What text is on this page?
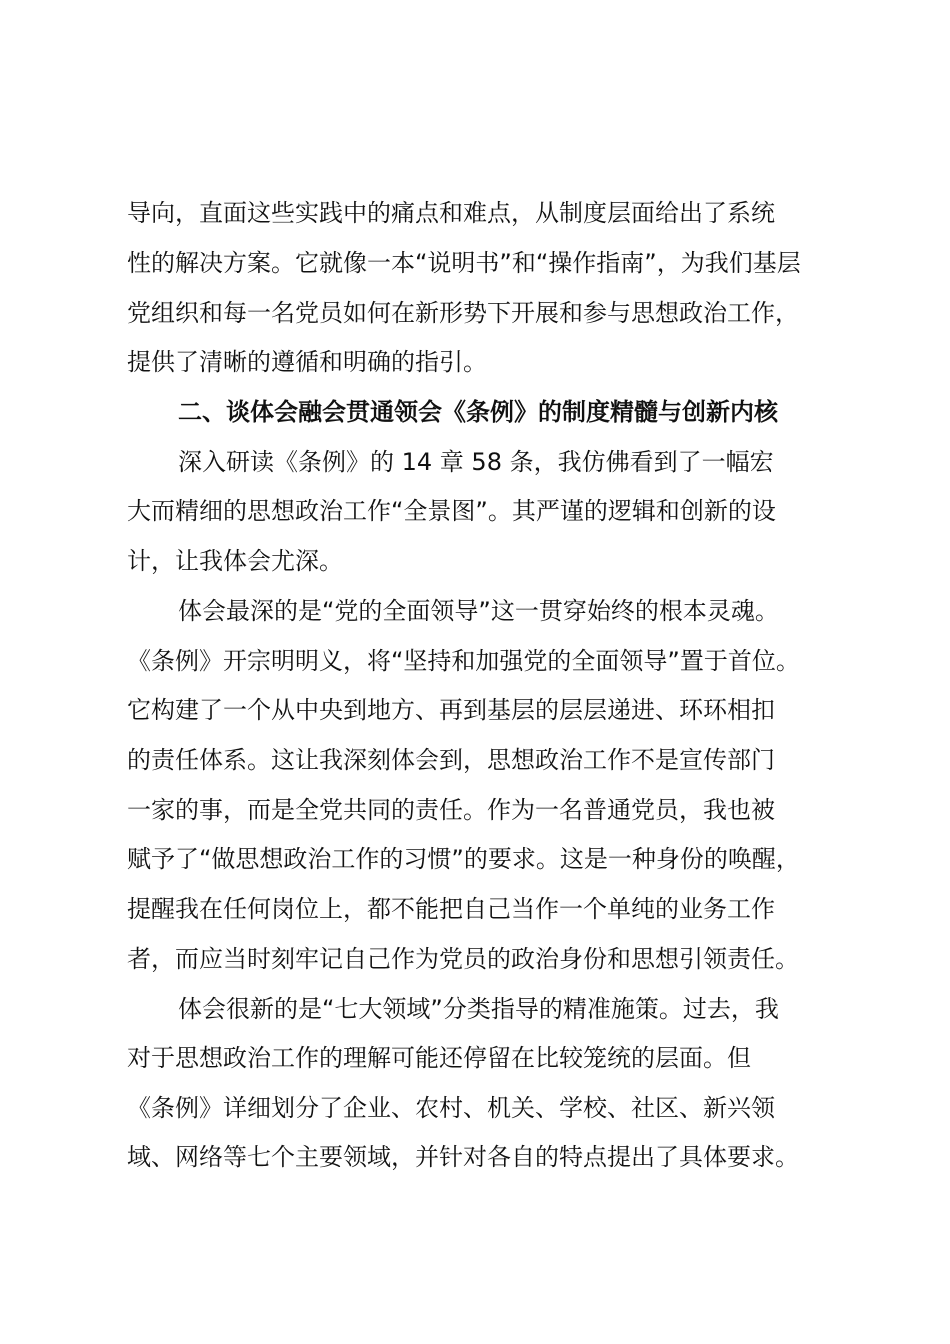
导向，直面这些实践中的痛点和难点，从制度层面给出了系统
性的解决方案。它就像一本“说明书”和“操作指南”，为我们基层
党组织和每一名党员如何在新形势下开展和参与思想政治工作，
提供了清晰的遵循和明确的指引。
二、谈体会融会贯通领会《条例》的制度精髓与创新内核
深入研读《条例》的 14 章 58 条，我仿佛看到了一幅宏
大而精细的思想政治工作“全景图”。其严谨的逻辑和创新的设
计，让我体会尤深。
体会最深的是“党的全面领导”这一贯穿始终的根本灵魂。
《条例》开宗明明义，将“坚持和加强党的全面领导”置于首位。
它构建了一个从中央到地方、再到基层的层层递进、环环相扣
的责任体系。这让我深刻体会到，思想政治工作不是宣传部门
一家的事，而是全党共同的责任。作为一名普通党员，我也被
赋予了“做思想政治工作的习惯”的要求。这是一种身份的唤醒，
提醒我在任何岗位上，都不能把自己当作一个单纯的业务工作
者，而应当时刻牢记自己作为党员的政治身份和思想引领责任。
体会很新的是“七大领域”分类指导的精准施策。过去，我
对于思想政治工作的理解可能还停留在比较笼统的层面。但
《条例》详细划分了企业、农村、机关、学校、社区、新兴领
域、网络等七个主要领域，并针对各自的特点提出了具体要求。
